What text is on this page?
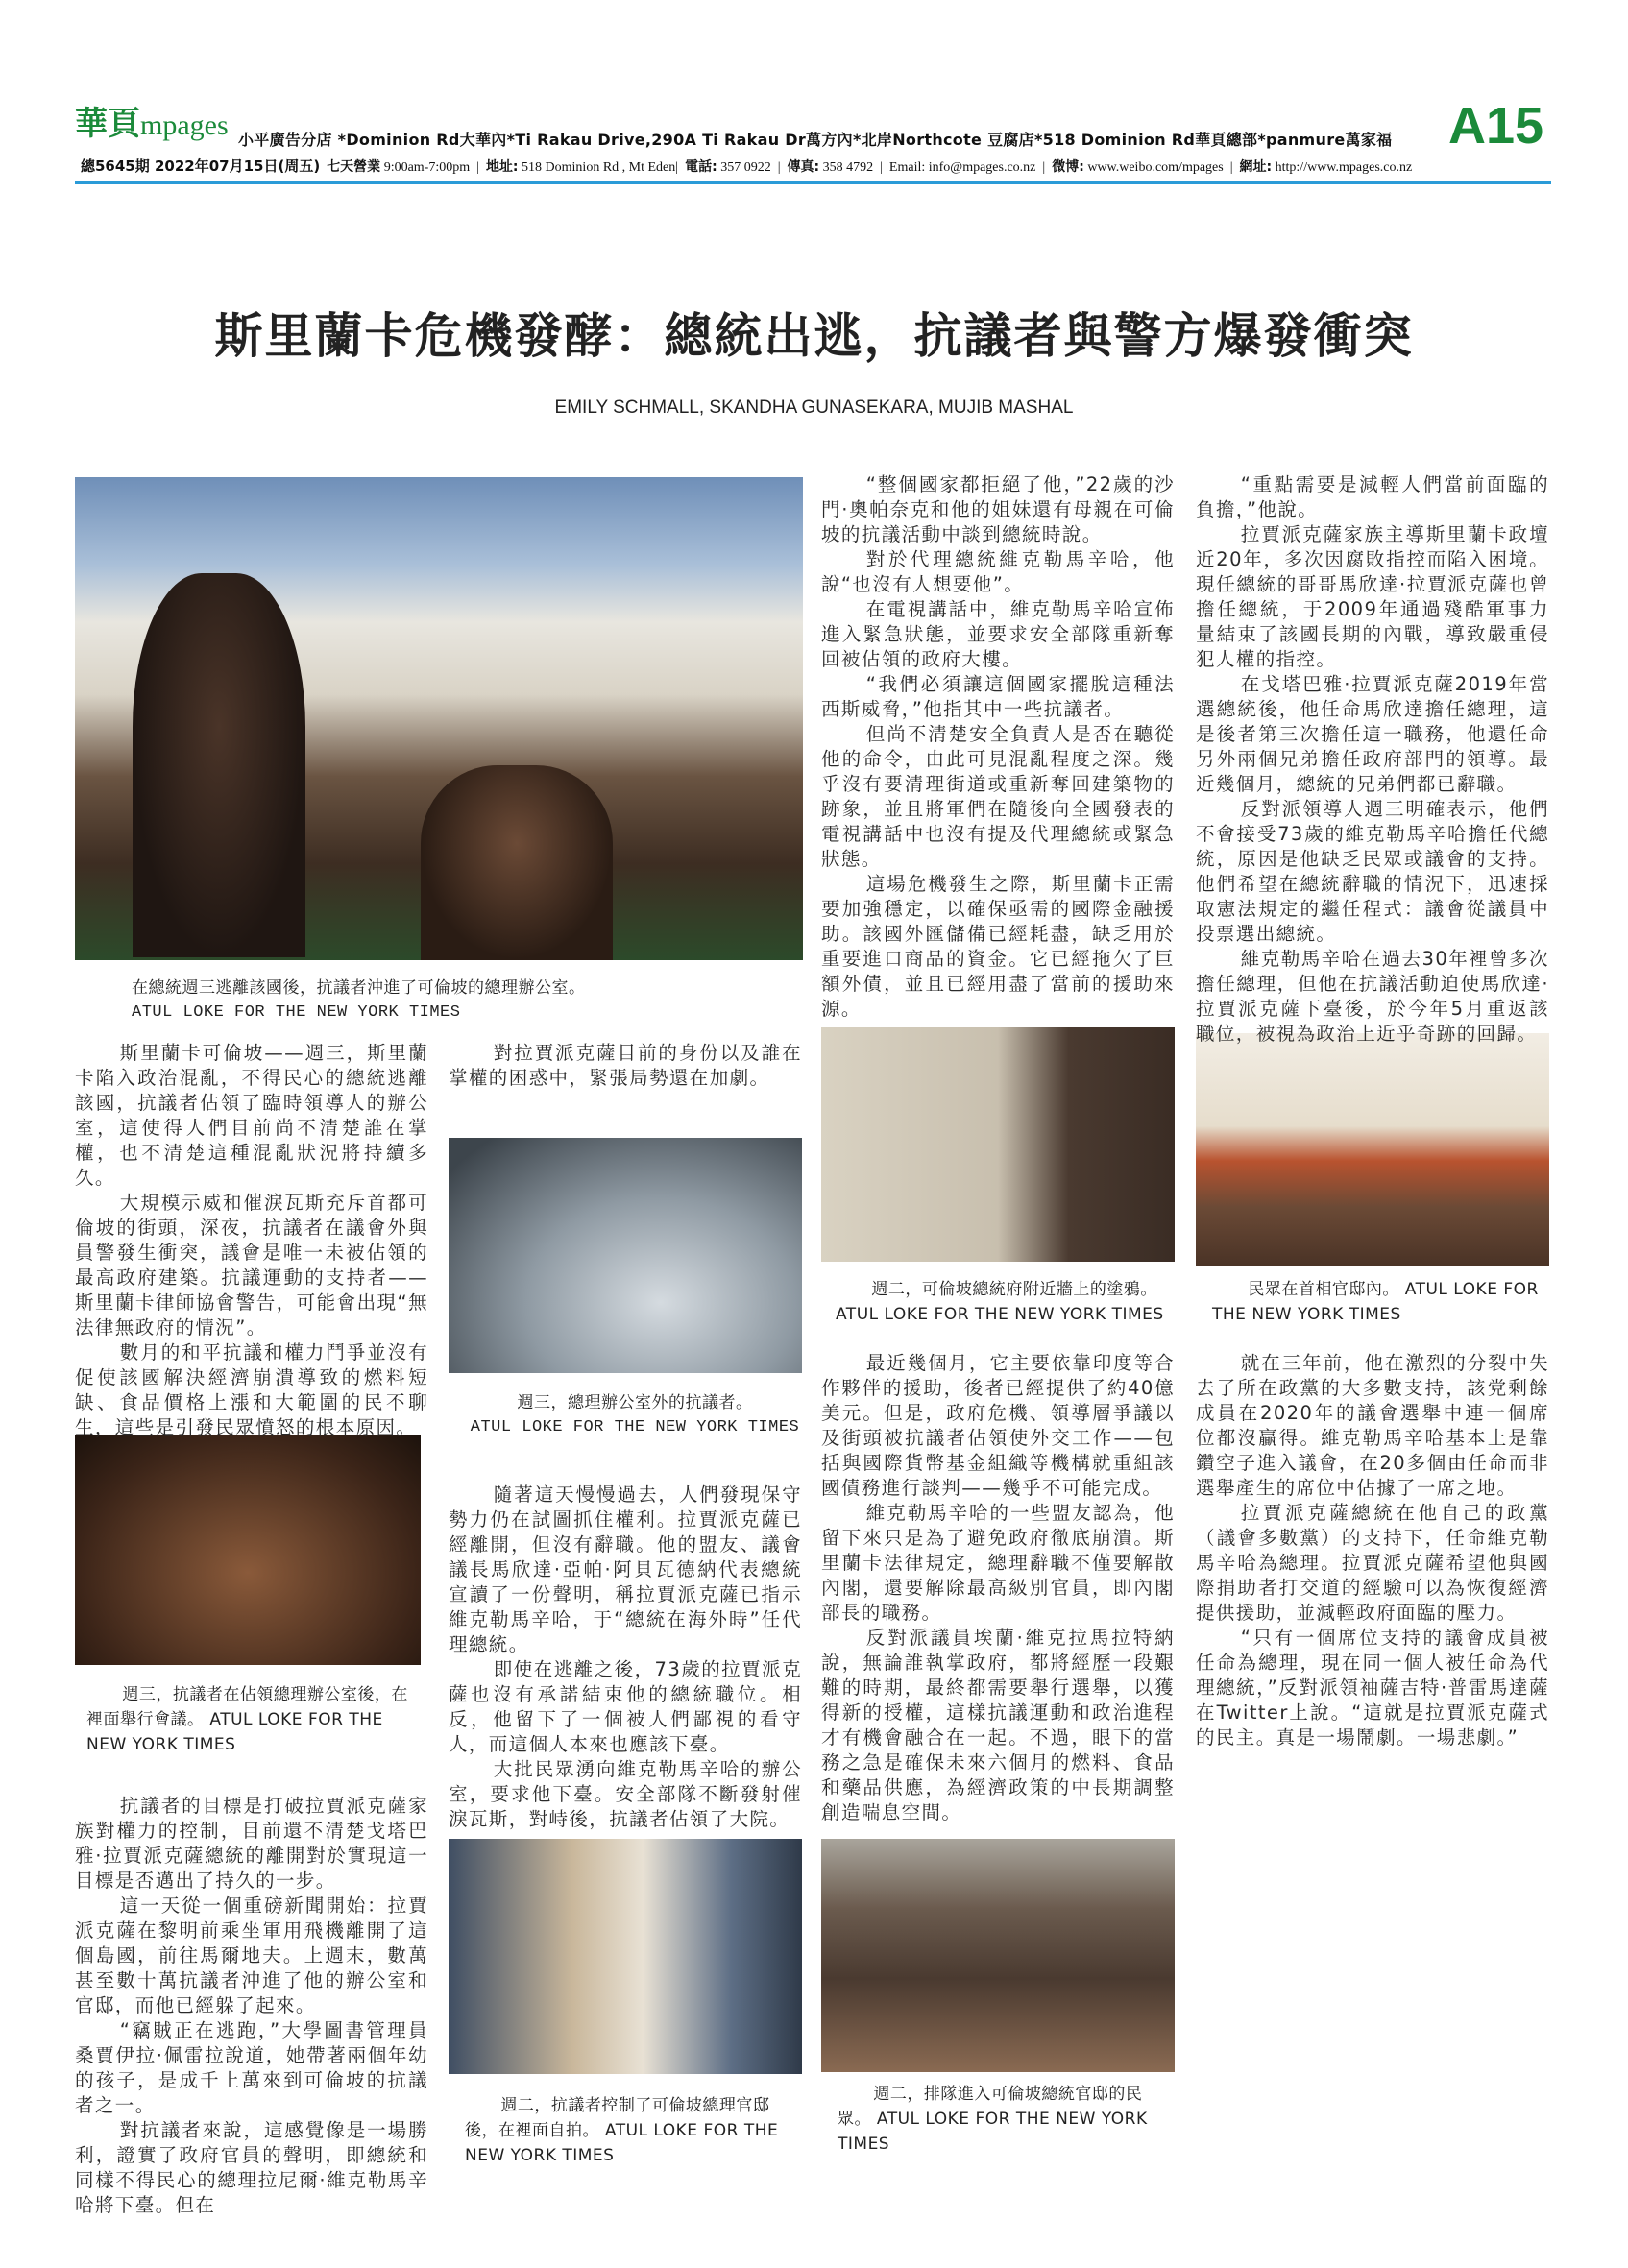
華頁 mpages 小平廣告分店 *Dominion Rd大華內*Ti Rakau Drive,290A Ti Rakau Dr萬方內*北岸Northcote 豆腐店*518 Dominion Rd華頁總部*panmure萬家福
總5645期 2022年07月15日(周五) 七天營業 9:00am-7:00pm  |  地址: 518 Dominion Rd , Mt Eden| 電話: 357 0922  |  傳真: 358 4792  |  Email: info@mpages.co.nz  |  微博: www.weibo.com/mpages  |  網址: http://www.mpages.co.nz
A15
斯里蘭卡危機發酵：總統出逃，抗議者與警方爆發衝突
EMILY SCHMALL, SKANDHA GUNASEKARA, MUJIB MASHAL
在總統週三逃離該國後，抗議者沖進了可倫坡的總理辦公室。
ATUL LOKE FOR THE NEW YORK TIMES
週三，總理辦公室外的抗議者。
ATUL LOKE FOR THE NEW YORK TIMES
週二，可倫坡總統府附近牆上的塗鴉。 ATUL LOKE FOR THE NEW YORK TIMES
民眾在首相官邸內。 ATUL LOKE FOR THE NEW YORK TIMES
週三，抗議者在佔領總理辦公室後，在裡面舉行會議。 ATUL LOKE FOR THE NEW YORK TIMES
週二，抗議者控制了可倫坡總理官邸後，在裡面自拍。 ATUL LOKE FOR THE NEW YORK TIMES
週二，排隊進入可倫坡總統官邸的民眾。 ATUL LOKE FOR THE NEW YORK TIMES

斯里蘭卡可倫坡——週三，斯里蘭卡陷入政治混亂，不得民心的總統逃離該國，抗議者佔領了臨時領導人的辦公室，這使得人們目前尚不清楚誰在掌權，也不清楚這種混亂狀況將持續多久。

大規模示威和催淚瓦斯充斥首都可倫坡的街頭，深夜，抗議者在議會外與員警發生衝突，議會是唯一未被佔領的最高政府建築。抗議運動的支持者——斯里蘭卡律師協會警告，可能會出現“無法律無政府的情況”。

數月的和平抗議和權力鬥爭並沒有促使該國解決經濟崩潰導致的燃料短缺、食品價格上漲和大範圍的民不聊生，這些是引發民眾憤怒的根本原因。

抗議者的目標是打破拉賈派克薩家族對權力的控制，目前還不清楚戈塔巴雅·拉賈派克薩總統的離開對於實現這一目標是否邁出了持久的一步。

這一天從一個重磅新聞開始：拉賈派克薩在黎明前乘坐軍用飛機離開了這個島國，前往馬爾地夫。上週末，數萬甚至數十萬抗議者沖進了他的辦公室和官邸，而他已經躲了起來。

“竊賊正在逃跑，”大學圖書管理員桑賈伊拉·佩雷拉說道，她帶著兩個年幼的孩子，是成千上萬來到可倫坡的抗議者之一。

對抗議者來說，這感覺像是一場勝利，證實了政府官員的聲明，即總統和同樣不得民心的總理拉尼爾·維克勒馬辛哈將下臺。但在

對拉賈派克薩目前的身份以及誰在掌權的困惑中，緊張局勢還在加劇。

隨著這天慢慢過去，人們發現保守勢力仍在試圖抓住權利。拉賈派克薩已經離開，但沒有辭職。他的盟友、議會議長馬欣達·亞帕·阿貝瓦德納代表總統宣讀了一份聲明，稱拉賈派克薩已指示維克勒馬辛哈，于“總統在海外時”任代理總統。

即使在逃離之後，73歲的拉賈派克薩也沒有承諾結束他的總統職位。相反，他留下了一個被人們鄙視的看守人，而這個人本來也應該下臺。

大批民眾湧向維克勒馬辛哈的辦公室，要求他下臺。安全部隊不斷發射催淚瓦斯，對峙後，抗議者佔領了大院。

“整個國家都拒絕了他，”22歲的沙門·奧帕奈克和他的姐妹還有母親在可倫坡的抗議活動中談到總統時說。

對於代理總統維克勒馬辛哈，他說“也沒有人想要他”。

在電視講話中，維克勒馬辛哈宣佈進入緊急狀態，並要求安全部隊重新奪回被佔領的政府大樓。

“我們必須讓這個國家擺脫這種法西斯威脅，”他指其中一些抗議者。

但尚不清楚安全負責人是否在聽從他的命令，由此可見混亂程度之深。幾乎沒有要清理街道或重新奪回建築物的跡象，並且將軍們在隨後向全國發表的電視講話中也沒有提及代理總統或緊急狀態。

這場危機發生之際，斯里蘭卡正需要加強穩定，以確保亟需的國際金融援助。該國外匯儲備已經耗盡，缺乏用於重要進口商品的資金。它已經拖欠了巨額外債，並且已經用盡了當前的援助來源。

最近幾個月，它主要依靠印度等合作夥伴的援助，後者已經提供了約40億美元。但是，政府危機、領導層爭議以及街頭被抗議者佔領使外交工作——包括與國際貨幣基金組織等機構就重組該國債務進行談判——幾乎不可能完成。

維克勒馬辛哈的一些盟友認為，他留下來只是為了避免政府徹底崩潰。斯里蘭卡法律規定，總理辭職不僅要解散內閣，還要解除最高級別官員，即內閣部長的職務。

反對派議員埃蘭·維克拉馬拉特納說，無論誰執掌政府，都將經歷一段艱難的時期，最終都需要舉行選舉，以獲得新的授權，這樣抗議運動和政治進程才有機會融合在一起。不過，眼下的當務之急是確保未來六個月的燃料、食品和藥品供應，為經濟政策的中長期調整創造喘息空間。

“重點需要是減輕人們當前面臨的負擔，”他說。

拉賈派克薩家族主導斯里蘭卡政壇近20年，多次因腐敗指控而陷入困境。現任總統的哥哥馬欣達·拉賈派克薩也曾擔任總統，于2009年通過殘酷軍事力量結束了該國長期的內戰，導致嚴重侵犯人權的指控。

在戈塔巴雅·拉賈派克薩2019年當選總統後，他任命馬欣達擔任總理，這是後者第三次擔任這一職務，他還任命另外兩個兄弟擔任政府部門的領導。最近幾個月，總統的兄弟們都已辭職。

反對派領導人週三明確表示，他們不會接受73歲的維克勒馬辛哈擔任代總統，原因是他缺乏民眾或議會的支持。他們希望在總統辭職的情況下，迅速採取憲法規定的繼任程式：議會從議員中投票選出總統。

維克勒馬辛哈在過去30年裡曾多次擔任總理，但他在抗議活動迫使馬欣達·拉賈派克薩下臺後，於今年5月重返該職位，被視為政治上近乎奇跡的回歸。

就在三年前，他在激烈的分裂中失去了所在政黨的大多數支持，該党剩餘成員在2020年的議會選舉中連一個席位都沒贏得。維克勒馬辛哈基本上是靠鑽空子進入議會，在20多個由任命而非選舉產生的席位中佔據了一席之地。

拉賈派克薩總統在他自己的政黨（議會多數黨）的支持下，任命維克勒馬辛哈為總理。拉賈派克薩希望他與國際捐助者打交道的經驗可以為恢復經濟提供援助，並減輕政府面臨的壓力。

“只有一個席位支持的議會成員被任命為總理，現在同一個人被任命為代理總統，”反對派領袖薩吉特·普雷馬達薩在Twitter上說。“這就是拉賈派克薩式的民主。真是一場鬧劇。一場悲劇。”
